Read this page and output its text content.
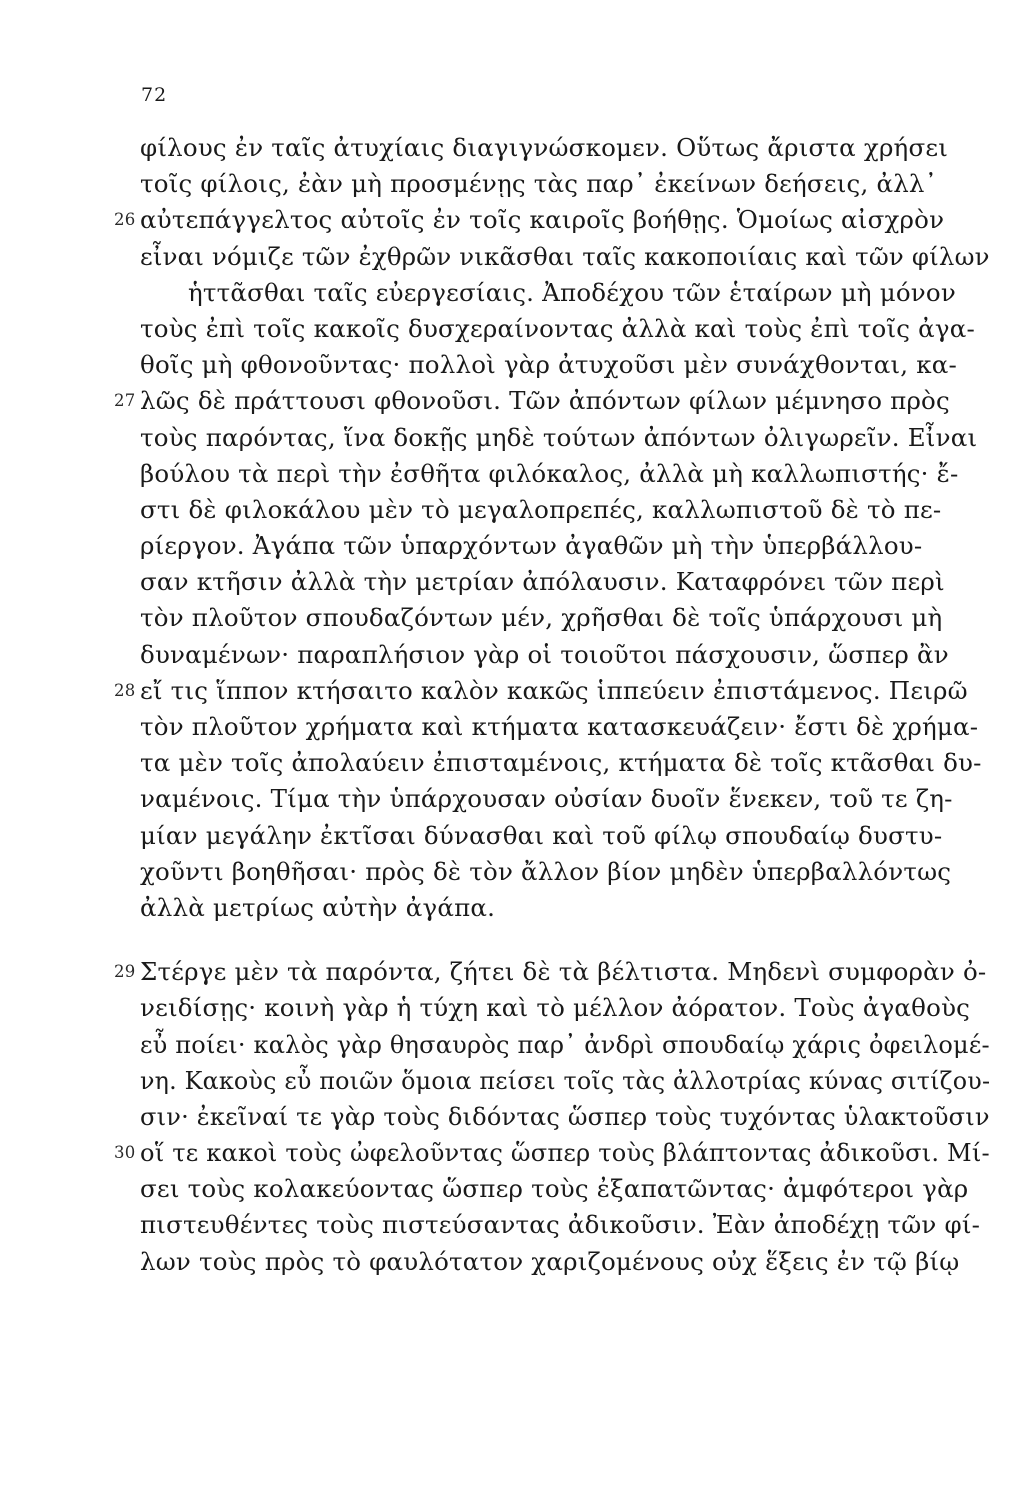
72
φίλους ἐν ταῖς ἀτυχίαις διαγιγνώσκομεν. Οὕτως ἄριστα χρήσει
τοῖς φίλοις, ἐὰν μὴ προσμένῃς τὰς παρ᾽ ἐκείνων δεήσεις, ἀλλ᾽
26 αὐτεπάγγελτος αὐτοῖς ἐν τοῖς καιροῖς βοήθῃς. Ὁμοίως αἰσχρὸν
εἶναι νόμιζε τῶν ἐχθρῶν νικᾶσθαι ταῖς κακοποιίαις καὶ τῶν φίλων
ἡττᾶσθαι ταῖς εὐεργεσίαις. Ἀποδέχου τῶν ἑταίρων μὴ μόνον
τοὺς ἐπὶ τοῖς κακοῖς δυσχεραίνοντας ἀλλὰ καὶ τοὺς ἐπὶ τοῖς ἀγα-
θοῖς μὴ φθονοῦντας· πολλοὶ γὰρ ἀτυχοῦσι μὲν συνάχθονται, κα-
27 λῶς δὲ πράττουσι φθονοῦσι. Τῶν ἀπόντων φίλων μέμνησο πρὸς
τοὺς παρόντας, ἵνα δοκῇς μηδὲ τούτων ἀπόντων ὀλιγωρεῖν. Εἶναι
βούλου τὰ περὶ τὴν ἐσθῆτα φιλόκαλος, ἀλλὰ μὴ καλλωπιστής· ἔ-
στι δὲ φιλοκάλου μὲν τὸ μεγαλοπρεπές, καλλωπιστοῦ δὲ τὸ πε-
ρίεργον. Ἀγάπα τῶν ὑπαρχόντων ἀγαθῶν μὴ τὴν ὑπερβάλλου-
σαν κτῆσιν ἀλλὰ τὴν μετρίαν ἀπόλαυσιν. Καταφρόνει τῶν περὶ
τὸν πλοῦτον σπουδαζόντων μέν, χρῆσθαι δὲ τοῖς ὑπάρχουσι μὴ
δυναμένων· παραπλήσιον γὰρ οἱ τοιοῦτοι πάσχουσιν, ὥσπερ ἂν
28 εἴ τις ἵππον κτήσαιτο καλὸν κακῶς ἱππεύειν ἐπιστάμενος. Πειρῶ
τὸν πλοῦτον χρήματα καὶ κτήματα κατασκευάζειν· ἔστι δὲ χρήμα-
τα μὲν τοῖς ἀπολαύειν ἐπισταμένοις, κτήματα δὲ τοῖς κτᾶσθαι δυ-
ναμένοις. Τίμα τὴν ὑπάρχουσαν οὐσίαν δυοῖν ἕνεκεν, τοῦ τε ζη-
μίαν μεγάλην ἐκτῖσαι δύνασθαι καὶ τοῦ φίλῳ σπουδαίῳ δυστυ-
χοῦντι βοηθῆσαι· πρὸς δὲ τὸν ἄλλον βίον μηδὲν ὑπερβαλλόντως
ἀλλὰ μετρίως αὐτὴν ἀγάπα.
29 Στέργε μὲν τὰ παρόντα, ζήτει δὲ τὰ βέλτιστα. Μηδενὶ συμφορὰν ὀ-
νειδίσῃς· κοινὴ γὰρ ἡ τύχη καὶ τὸ μέλλον ἀόρατον. Τοὺς ἀγαθοὺς
εὖ ποίει· καλὸς γὰρ θησαυρὸς παρ᾽ ἀνδρὶ σπουδαίῳ χάρις ὀφειλομέ-
νη. Κακοὺς εὖ ποιῶν ὅμοια πείσει τοῖς τὰς ἀλλοτρίας κύνας σιτίζου-
σιν· ἐκεῖναί τε γὰρ τοὺς διδόντας ὥσπερ τοὺς τυχόντας ὑλακτοῦσιν
30 οἵ τε κακοὶ τοὺς ὠφελοῦντας ὥσπερ τοὺς βλάπτοντας ἀδικοῦσι. Μί-
σει τοὺς κολακεύοντας ὥσπερ τοὺς ἐξαπατῶντας· ἀμφότεροι γὰρ
πιστευθέντες τοὺς πιστεύσαντας ἀδικοῦσιν. Ἐὰν ἀποδέχῃ τῶν φί-
λων τοὺς πρὸς τὸ φαυλότατον χαριζομένους οὐχ ἕξεις ἐν τῷ βίῳ
